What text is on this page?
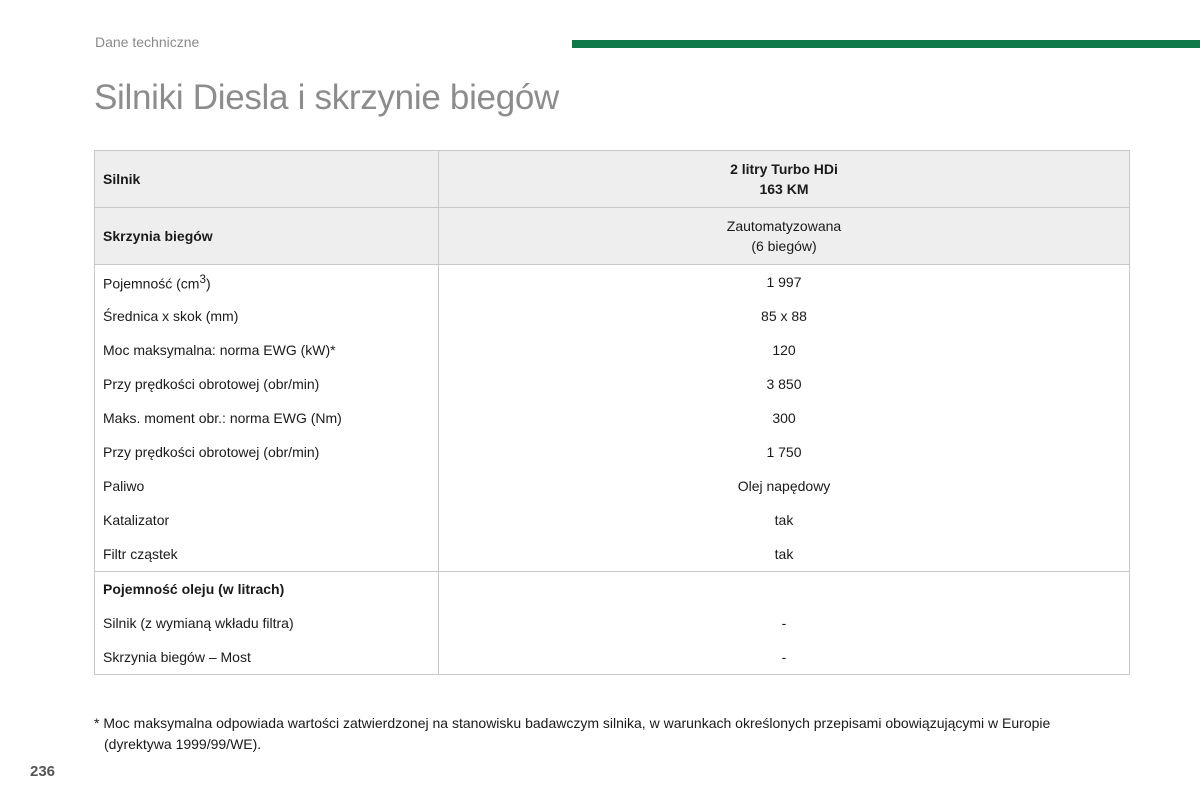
Dane techniczne
Silniki Diesla i skrzynie biegów
Silnik	2 litry Turbo HDi
163 KM

Skrzynia biegów	Zautomatyzowana
(6 biegów)

Pojemność $(cm^3)$	1 997
Średnica x skok (mm)	85 x 88
Moc maksymalna: norma EWG (kW)*	120
Przy prędkości obrotowej (obr/min)	3 850
Maks. moment obr.: norma EWG (Nm)	300
Przy prędkości obrotowej (obr/min)	1 750
Paliwo	Olej napędowy
Katalizator	tak
Filtr cząstek	tak
Pojemność oleju (w litrach)	
Silnik (z wymianą wkładu filtra)	-
Skrzynia biegów – Most	-
* Moc maksymalna odpowiada wartości zatwierdzonej na stanowisku badawczym silnika, w warunkach określonych przepisami obowiązującymi w Europie
(dyrektywa 1999/99/WE).
236
